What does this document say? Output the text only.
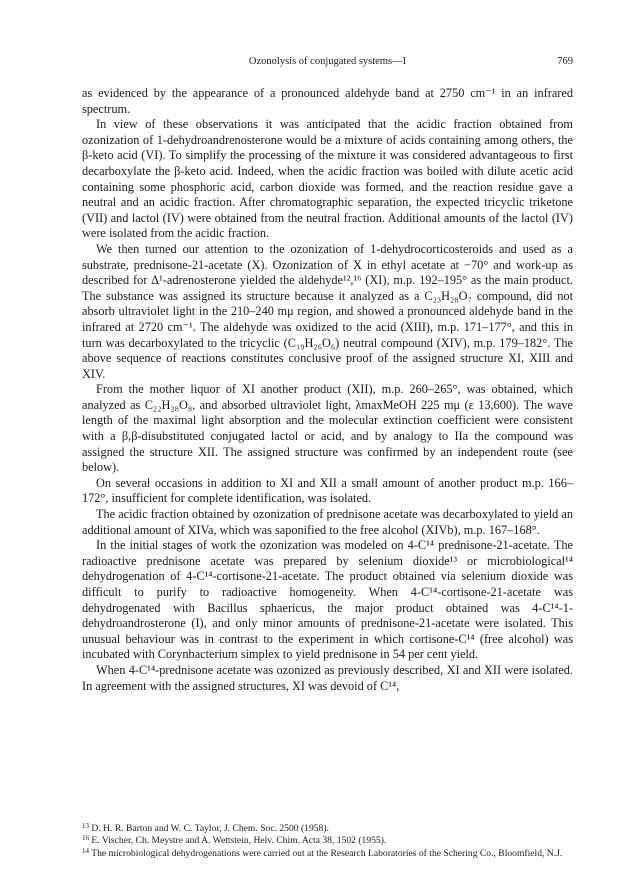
Ozonolysis of conjugated systems—I	769

as evidenced by the appearance of a pronounced aldehyde band at 2750 cm⁻¹ in an infrared spectrum.

In view of these observations it was anticipated that the acidic fraction obtained from ozonization of 1-dehydroandrenosterone would be a mixture of acids containing among others, the β-keto acid (VI). To simplify the processing of the mixture it was considered advantageous to first decarboxylate the β-keto acid. Indeed, when the acidic fraction was boiled with dilute acetic acid containing some phosphoric acid, carbon dioxide was formed, and the reaction residue gave a neutral and an acidic fraction. After chromatographic separation, the expected tricyclic triketone (VII) and lactol (IV) were obtained from the neutral fraction. Additional amounts of the lactol (IV) were isolated from the acidic fraction.

We then turned our attention to the ozonization of 1-dehydrocorticosteroids and used as a substrate, prednisone-21-acetate (X). Ozonization of X in ethyl acetate at −70° and work-up as described for Δ¹-adrenosterone yielded the aldehyde¹²,¹⁶ (XI), m.p. 192–195° as the main product. The substance was assigned its structure because it analyzed as a C₂₃H₂₈O₇ compound, did not absorb ultraviolet light in the 210–240 mμ region, and showed a pronounced aldehyde band in the infrared at 2720 cm⁻¹. The aldehyde was oxidized to the acid (XIII), m.p. 171–177°, and this in turn was decarboxylated to the tricyclic (C₁₉H₂₆O₆) neutral compound (XIV), m.p. 179–182°. The above sequence of reactions constitutes conclusive proof of the assigned structure XI, XIII and XIV.

From the mother liquor of XI another product (XII), m.p. 260–265°, was obtained, which analyzed as C₂₂H₂₈O₈, and absorbed ultraviolet light, λmaxMeOH 225 mμ (ε 13,600). The wave length of the maximal light absorption and the molecular extinction coefficient were consistent with a β,β-disubstituted conjugated lactol or acid, and by analogy to IIa the compound was assigned the structure XII. The assigned structure was confirmed by an independent route (see below).

On several occasions in addition to XI and XII a small amount of another product m.p. 166–172°, insufficient for complete identification, was isolated.

The acidic fraction obtained by ozonization of prednisone acetate was decarboxylated to yield an additional amount of XIVa, which was saponified to the free alcohol (XIVb), m.p. 167–168°.

In the initial stages of work the ozonization was modeled on 4-C¹⁴ prednisone-21-acetate. The radioactive prednisone acetate was prepared by selenium dioxide¹³ or microbiological¹⁴ dehydrogenation of 4-C¹⁴-cortisone-21-acetate. The product obtained via selenium dioxide was difficult to purify to radioactive homogeneity. When 4-C¹⁴-cortisone-21-acetate was dehydrogenated with Bacillus sphaericus, the major product obtained was 4-C¹⁴-1-dehydroandrosterone (I), and only minor amounts of prednisone-21-acetate were isolated. This unusual behaviour was in contrast to the experiment in which cortisone-C¹⁴ (free alcohol) was incubated with Corynbacterium simplex to yield prednisone in 54 per cent yield.

When 4-C¹⁴-prednisone acetate was ozonized as previously described, XI and XII were isolated. In agreement with the assigned structures, XI was devoid of C¹⁴,

$^{13}$ D. H. R. Barton and W. C. Taylor, J. Chem. Soc. 2500 (1958).

$^{16}$ E. Vischer, Ch. Meystre and A. Wettstein, Helv. Chim. Acta 38, 1502 (1955).

$^{14}$ The microbiological dehydrogenations were carried out at the Research Laboratories of the Schering Co., Bloomfield, N.J.
